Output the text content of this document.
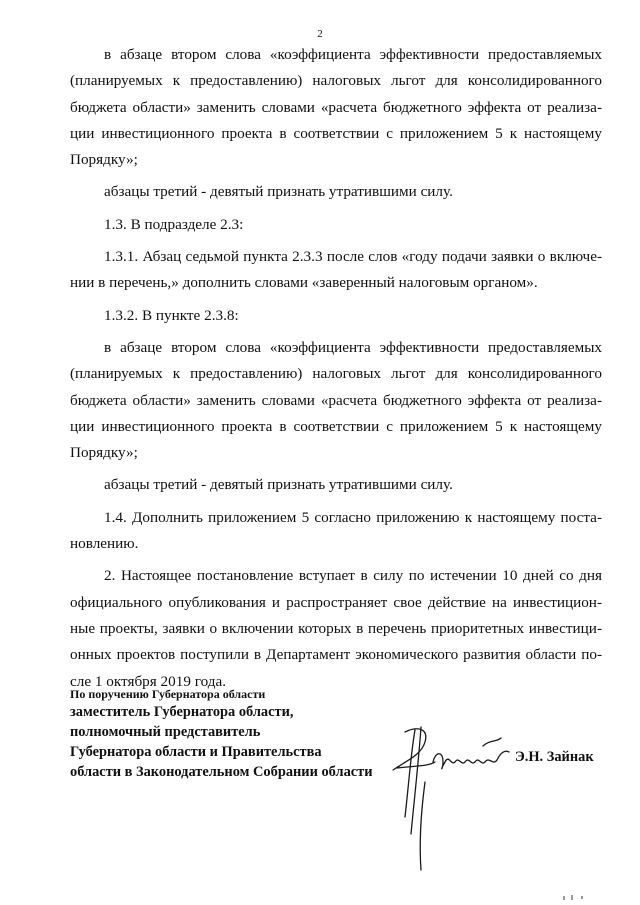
2

в абзаце втором слова «коэффициента эффективности предоставляемых (планируемых к предоставлению) налоговых льгот для консолидированного бюджета области» заменить словами «расчета бюджетного эффекта от реализации инвестиционного проекта в соответствии с приложением 5 к настоящему Порядку»;

абзацы третий - девятый признать утратившими силу.

1.3. В подразделе 2.3:

1.3.1. Абзац седьмой пункта 2.3.3 после слов «году подачи заявки о включении в перечень,» дополнить словами «заверенный налоговым органом».

1.3.2. В пункте 2.3.8:

в абзаце втором слова «коэффициента эффективности предоставляемых (планируемых к предоставлению) налоговых льгот для консолидированного бюджета области» заменить словами «расчета бюджетного эффекта от реализации инвестиционного проекта в соответствии с приложением 5 к настоящему Порядку»;

абзацы третий - девятый признать утратившими силу.

1.4. Дополнить приложением 5 согласно приложению к настоящему постановлению.

2. Настоящее постановление вступает в силу по истечении 10 дней со дня официального опубликования и распространяет свое действие на инвестиционные проекты, заявки о включении которых в перечень приоритетных инвестиционных проектов поступили в Департамент экономического развития области после 1 октября 2019 года.

По поручению Губернатора области
заместитель Губернатора области,
полномочный представитель
Губернатора области и Правительства
области в Законодательном Собрании области
Э.Н. Зайнак
